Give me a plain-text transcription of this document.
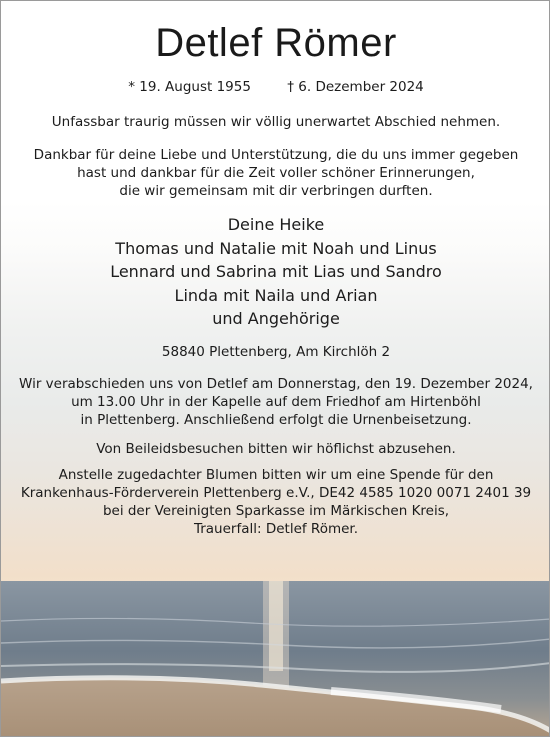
Detlef Römer
* 19. August 1955	† 6. Dezember 2024
Unfassbar traurig müssen wir völlig unerwartet Abschied nehmen.
Dankbar für deine Liebe und Unterstützung, die du uns immer gegeben
hast und dankbar für die Zeit voller schöner Erinnerungen,
die wir gemeinsam mit dir verbringen durften.
Deine Heike
Thomas und Natalie mit Noah und Linus
Lennard und Sabrina mit Lias und Sandro
Linda mit Naila und Arian
und Angehörige
58840 Plettenberg, Am Kirchlöh 2
Wir verabschieden uns von Detlef am Donnerstag, den 19. Dezember 2024,
um 13.00 Uhr in der Kapelle auf dem Friedhof am Hirtenböhl
in Plettenberg. Anschließend erfolgt die Urnenbeisetzung.
Von Beileidsbesuchen bitten wir höflichst abzusehen.
Anstelle zugedachter Blumen bitten wir um eine Spende für den
Krankenhaus-Förderverein Plettenberg e.V., DE42 4585 1020 0071 2401 39
bei der Vereinigten Sparkasse im Märkischen Kreis,
Trauerfall: Detlef Römer.
